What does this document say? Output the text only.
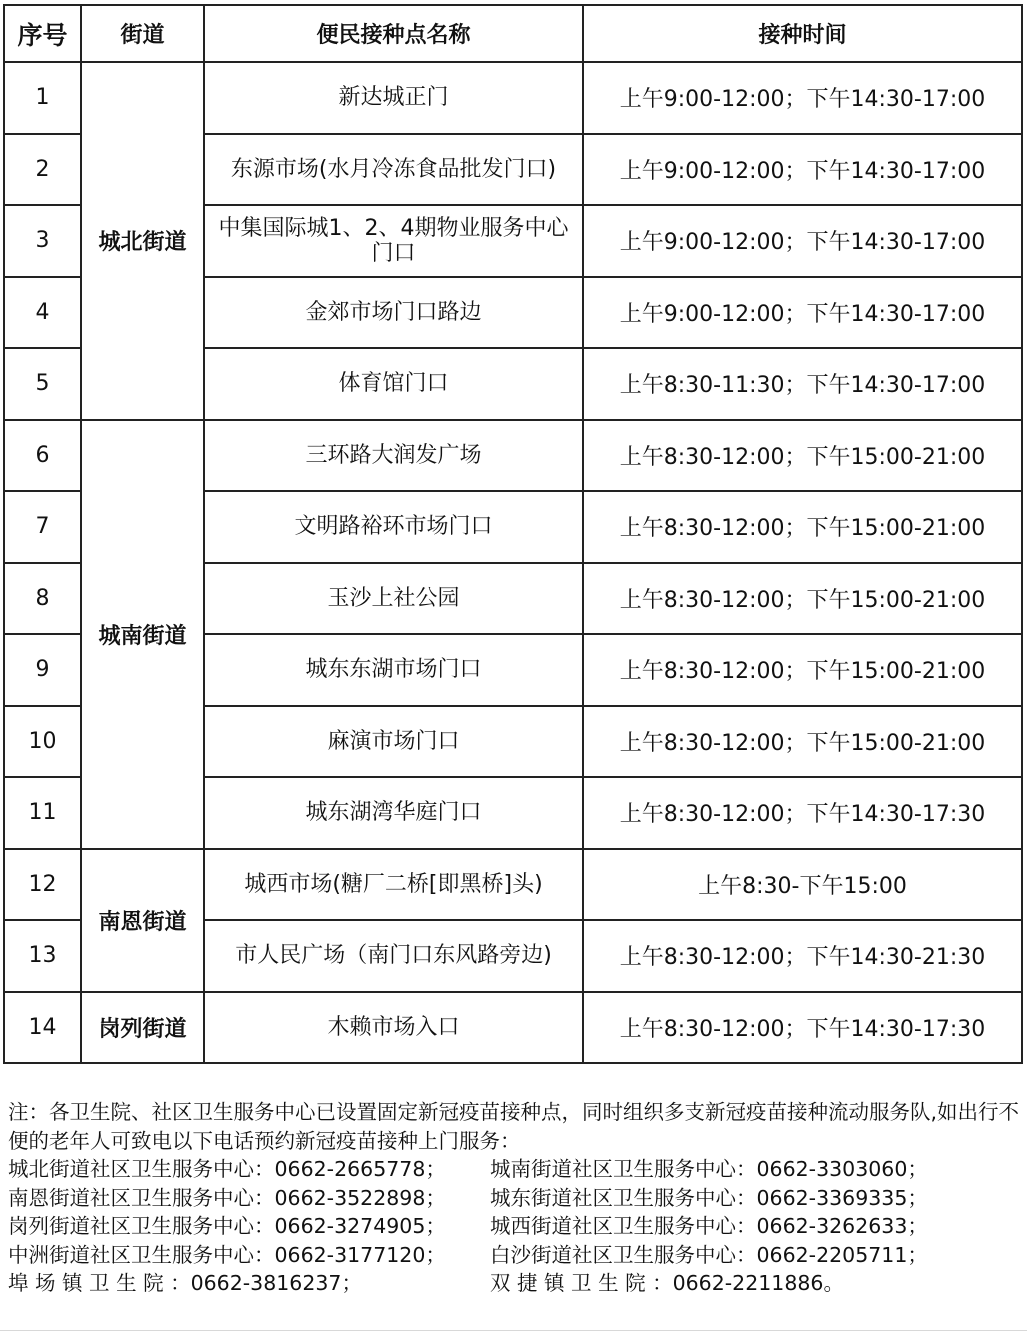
序号	街道	便民接种点名称	接种时间
1	城北街道	新达城正门	上午9:00-12:00；下午14:30-17:00
2		东源市场(水月冷冻食品批发门口)	上午9:00-12:00；下午14:30-17:00
3		中集国际城1、2、4期物业服务中心门口	上午9:00-12:00；下午14:30-17:00
4		金郊市场门口路边	上午9:00-12:00；下午14:30-17:00
5		体育馆门口	上午8:30-11:30；下午14:30-17:00
6	城南街道	三环路大润发广场	上午8:30-12:00；下午15:00-21:00
7		文明路裕环市场门口	上午8:30-12:00；下午15:00-21:00
8		玉沙上社公园	上午8:30-12:00；下午15:00-21:00
9		城东东湖市场门口	上午8:30-12:00；下午15:00-21:00
10		麻演市场门口	上午8:30-12:00；下午15:00-21:00
11		城东湖湾华庭门口	上午8:30-12:00；下午14:30-17:30
12	南恩街道	城西市场(糖厂二桥[即黑桥]头)	上午8:30-下午15:00
13		市人民广场（南门口东风路旁边)	上午8:30-12:00；下午14:30-21:30
14	岗列街道	木赖市场入口	上午8:30-12:00；下午14:30-17:30

注：各卫生院、社区卫生服务中心已设置固定新冠疫苗接种点，同时组织多支新冠疫苗接种流动服务队,如出行不便的老年人可致电以下电话预约新冠疫苗接种上门服务：

城北街道社区卫生服务中心：0662-2665778；	城南街道社区卫生服务中心：0662-3303060；
南恩街道社区卫生服务中心：0662-3522898；	城东街道社区卫生服务中心：0662-3369335；
岗列街道社区卫生服务中心：0662-3274905；	城西街道社区卫生服务中心：0662-3262633；
中洲街道社区卫生服务中心：0662-3177120；	白沙街道社区卫生服务中心：0662-2205711；
埠 场 镇 卫 生 院 ：0662-3816237；	双 捷 镇 卫 生 院 ：0662-2211886。
